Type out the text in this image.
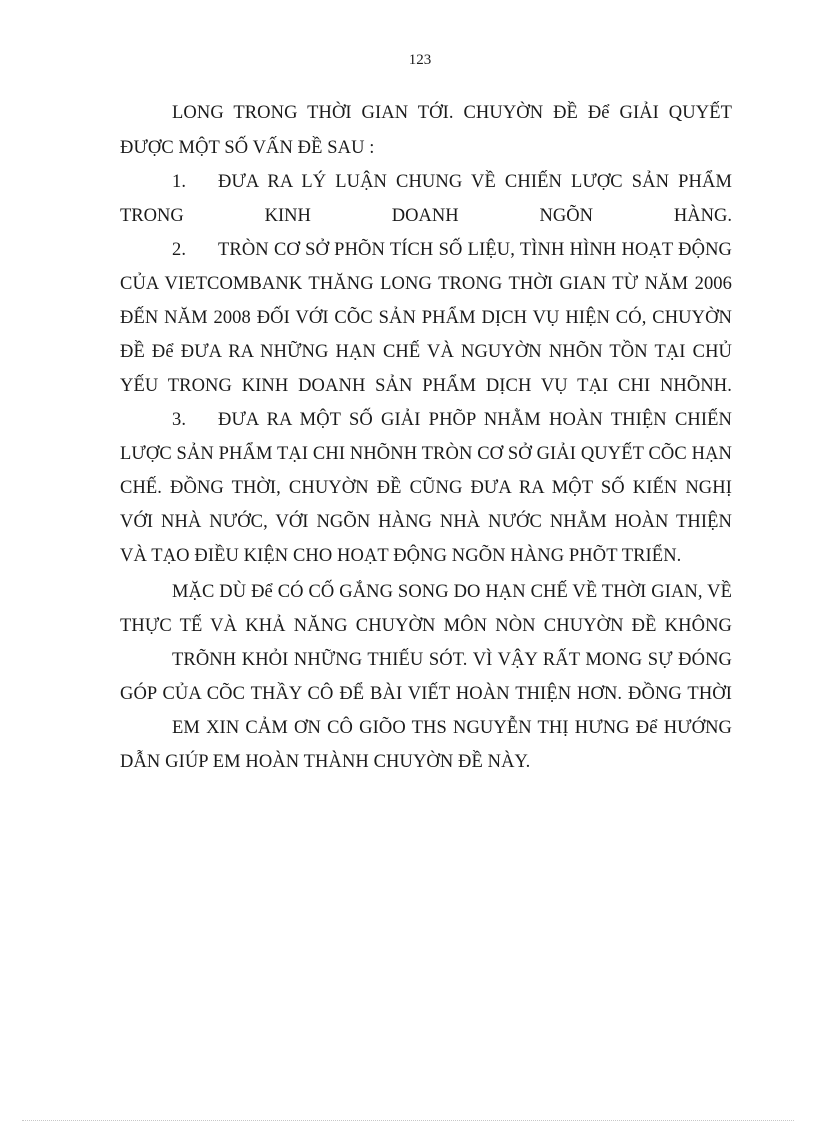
123
LONG TRONG THỜI GIAN TỚI. CHUYỜN ĐỀ Để GIẢI QUYẾT
ĐƯỢC MỘT SỐ VẤN ĐỀ SAU :
1. ĐƯA RA LÝ LUẬN CHUNG VỀ CHIẾN LƯỢC SẢN PHẨM
TRONG	KINH	DOANH	NGÕN	HÀNG.
2. TRÒN CƠ SỞ PHÕN TÍCH SỐ LIỆU, TÌNH HÌNH HOẠT ĐỘNG
CỦA VIETCOMBANK THĂNG LONG TRONG THỜI GIAN TỪ NĂM 2006
ĐẾN NĂM 2008 ĐỐI VỚI CÕC SẢN PHẨM DỊCH VỤ HIỆN CÓ, CHUYỜN
ĐỀ Để ĐƯA RA NHỮNG HẠN CHẾ VÀ NGUYỜN NHÕN TỒN TẠI CHỦ
YẾU TRONG KINH DOANH SẢN PHẨM DỊCH VỤ TẠI CHI NHÕNH.
3. ĐƯA RA MỘT SỐ GIẢI PHÕP NHẰM HOÀN THIỆN CHIẾN
LƯỢC SẢN PHẨM TẠI CHI NHÕNH TRÒN CƠ SỞ GIẢI QUYẾT CÕC HẠN
CHẾ. ĐỒNG THỜI, CHUYỜN ĐỀ CŨNG ĐƯA RA MỘT SỐ KIẾN NGHỊ
VỚI NHÀ NƯỚC, VỚI NGÕN HÀNG NHÀ NƯỚC NHẰM HOÀN THIỆN
VÀ TẠO ĐIỀU KIỆN CHO HOẠT ĐỘNG NGÕN HÀNG PHÕT TRIỂN.
MẶC DÙ Để CÓ CỐ GẮNG SONG DO HẠN CHẾ VỀ THỜI GIAN, VỀ
THỰC TẾ VÀ KHẢ NĂNG CHUYỜN MÔN NÒN CHUYỜN ĐỀ KHÔNG
TRÕNH KHỎI NHỮNG THIẾU SÓT. VÌ VẬY RẤT MONG SỰ ĐÓNG
GÓP CỦA CÕC THẦY CÔ ĐỂ BÀI VIẾT HOÀN THIỆN HƠN. ĐỒNG THỜI
EM XIN CẢM ƠN CÔ GIÕO THS NGUYỄN THỊ HƯNG Để HƯỚNG
DẪN GIÚP EM HOÀN THÀNH CHUYỜN ĐỀ NÀY.
